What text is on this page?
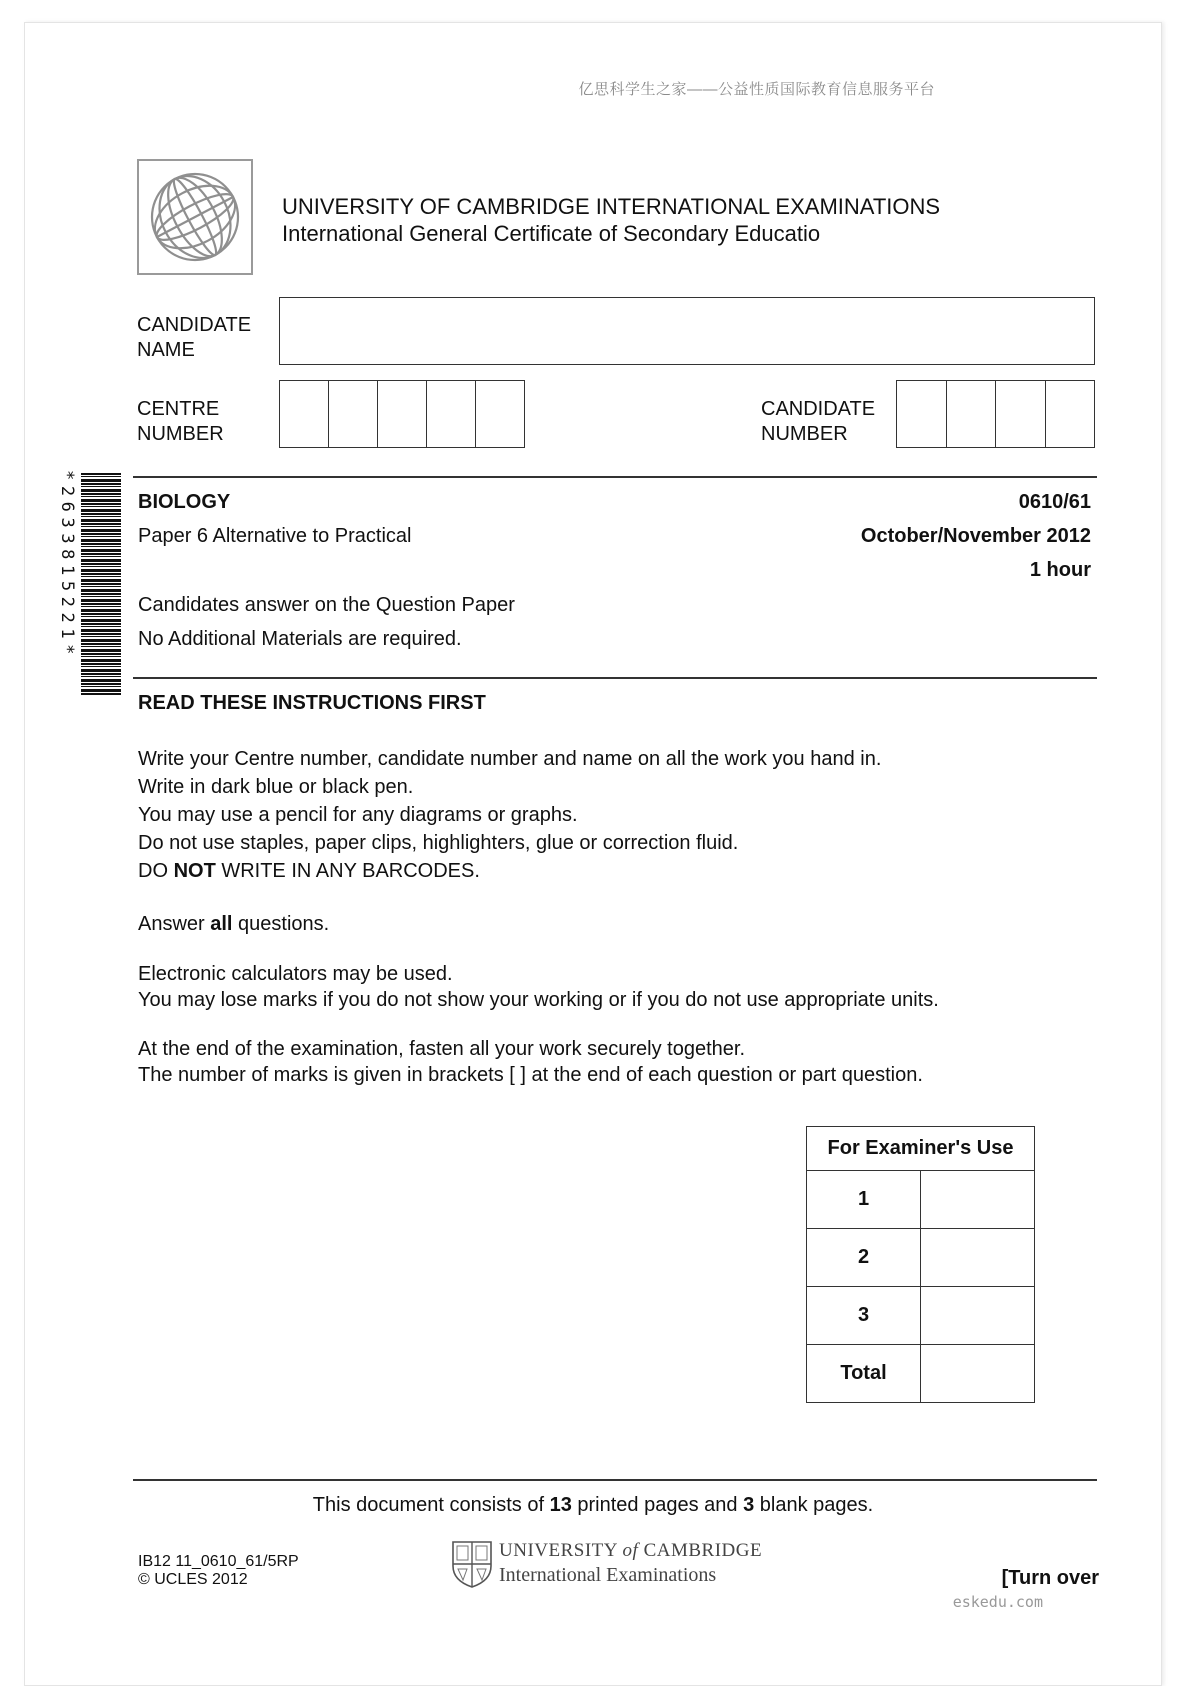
亿思科学生之家——公益性质国际教育信息服务平台
UNIVERSITY OF CAMBRIDGE INTERNATIONAL EXAMINATIONS
International General Certificate of Secondary Educatio
CANDIDATE
NAME
CENTRE
NUMBER
CANDIDATE
NUMBER
*2633815221*	BIOLOGY	0610/61
Paper 6 Alternative to Practical	October/November 2012
1 hour
Candidates answer on the Question Paper
No Additional Materials are required.
READ THESE INSTRUCTIONS FIRST
Write your Centre number, candidate number and name on all the work you hand in.
Write in dark blue or black pen.
You may use a pencil for any diagrams or graphs.
Do not use staples, paper clips, highlighters, glue or correction fluid.
DO NOT WRITE IN ANY BARCODES.
Answer all questions.
Electronic calculators may be used.
You may lose marks if you do not show your working or if you do not use appropriate units.
At the end of the examination, fasten all your work securely together.
The number of marks is given in brackets [ ] at the end of each question or part question.
For Examiner's Use	
1	
2	
3	
Total	
This document consists of 13 printed pages and 3 blank pages.
IB12 11_0610_61/5RP
© UCLES 2012
UNIVERSITY of CAMBRIDGE
International Examinations	[Turn over
eskedu.com
